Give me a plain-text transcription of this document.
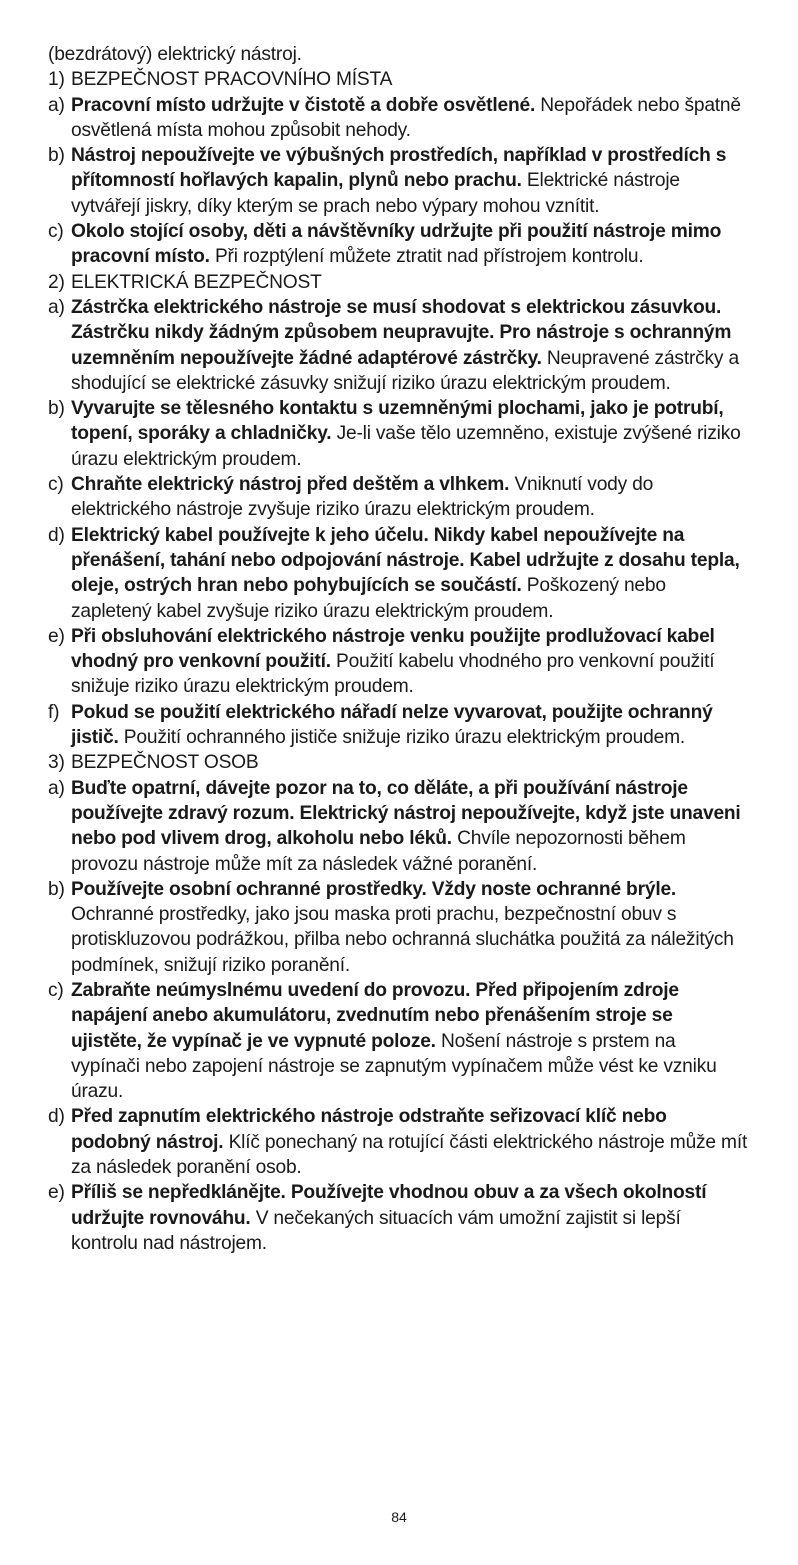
(bezdrátový) elektrický nástroj.

1) BEZPEČNOST PRACOVNÍHO MÍSTA
a) Pracovní místo udržujte v čistotě a dobře osvětlené. Nepořádek nebo špatně osvětlená místa mohou způsobit nehody.
b) Nástroj nepoužívejte ve výbušných prostředích, například v prostředích s přítomností hořlavých kapalin, plynů nebo prachu. Elektrické nástroje vytvářejí jiskry, díky kterým se prach nebo výpary mohou vznítit.
c) Okolo stojící osoby, děti a návštěvníky udržujte při použití nástroje mimo pracovní místo. Při rozptýlení můžete ztratit nad přístrojem kontrolu.
2) ELEKTRICKÁ BEZPEČNOST
a) Zástrčka elektrického nástroje se musí shodovat s elektrickou zásuvkou. Zástrčku nikdy žádným způsobem neupravujte. Pro nástroje s ochranným uzemněním nepoužívejte žádné adaptérové zástrčky. Neupravené zástrčky a shodující se elektrické zásuvky snižují riziko úrazu elektrickým proudem.
b) Vyvarujte se tělesného kontaktu s uzemněnými plochami, jako je potrubí, topení, sporáky a chladničky. Je-li vaše tělo uzemněno, existuje zvýšené riziko úrazu elektrickým proudem.
c) Chraňte elektrický nástroj před deštěm a vlhkem. Vniknutí vody do elektrického nástroje zvyšuje riziko úrazu elektrickým proudem.
d) Elektrický kabel používejte k jeho účelu. Nikdy kabel nepoužívejte na přenášení, tahání nebo odpojování nástroje. Kabel udržujte z dosahu tepla, oleje, ostrých hran nebo pohybujících se součástí. Poškozený nebo zapletený kabel zvyšuje riziko úrazu elektrickým proudem.
e) Při obsluhování elektrického nástroje venku použijte prodlužovací kabel vhodný pro venkovní použití. Použití kabelu vhodného pro venkovní použití snižuje riziko úrazu elektrickým proudem.
f) Pokud se použití elektrického nářadí nelze vyvarovat, použijte ochranný jistič. Použití ochranného jističe snižuje riziko úrazu elektrickým proudem.
3) BEZPEČNOST OSOB
a) Buďte opatrní, dávejte pozor na to, co děláte, a při používání nástroje používejte zdravý rozum. Elektrický nástroj nepoužívejte, když jste unaveni nebo pod vlivem drog, alkoholu nebo léků. Chvíle nepozornosti během provozu nástroje může mít za následek vážné poranění.
b) Používejte osobní ochranné prostředky. Vždy noste ochranné brýle. Ochranné prostředky, jako jsou maska proti prachu, bezpečnostní obuv s protiskluzovou podrážkou, přilba nebo ochranná sluchátka použitá za náležitých podmínek, snižují riziko poranění.
c) Zabraňte neúmyslnému uvedení do provozu. Před připojením zdroje napájení anebo akumulátoru, zvednutím nebo přenášením stroje se ujistěte, že vypínač je ve vypnuté poloze. Nošení nástroje s prstem na vypínači nebo zapojení nástroje se zapnutým vypínačem může vést ke vzniku úrazu.
d) Před zapnutím elektrického nástroje odstraňte seřizovací klíč nebo podobný nástroj. Klíč ponechaný na rotující části elektrického nástroje může mít za následek poranění osob.
e) Příliš se nepředklánějte. Používejte vhodnou obuv a za všech okolností udržujte rovnováhu. V nečekaných situacích vám umožní zajistit si lepší kontrolu nad nástrojem.
84
